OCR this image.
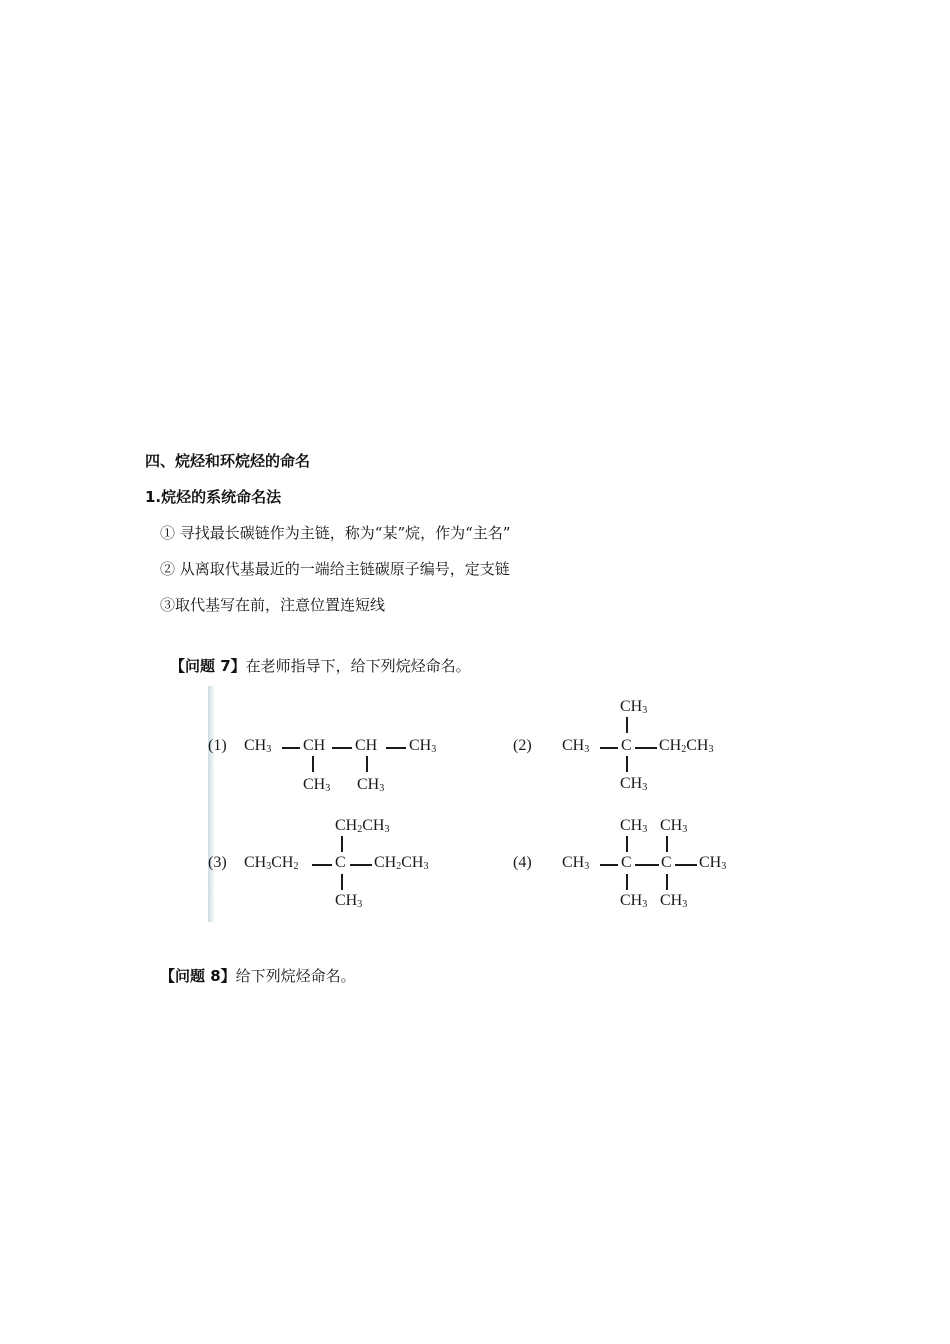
四、烷烃和环烷烃的命名
1.烷烃的系统命名法
① 寻找最长碳链作为主链，称为“某”烷，作为“主名”
② 从离取代基最近的一端给主链碳原子编号，定支链
③取代基写在前，注意位置连短线
【问题 7】在老师指导下，给下列烷烃命名。
(1) $CH_3$ CH CH $CH_3$
$CH_3$ $CH_3$
(2)
$CH_3$
$CH_3$ C $CH_2CH_3$
$CH_3$
(3)
$CH_2CH_3$
$CH_3CH_2$ C $CH_2CH_3$
$CH_3$
(4)
$CH_3$ $CH_3$
$CH_3$ C C $CH_3$
$CH_3$ $CH_3$
【问题 8】给下列烷烃命名。
